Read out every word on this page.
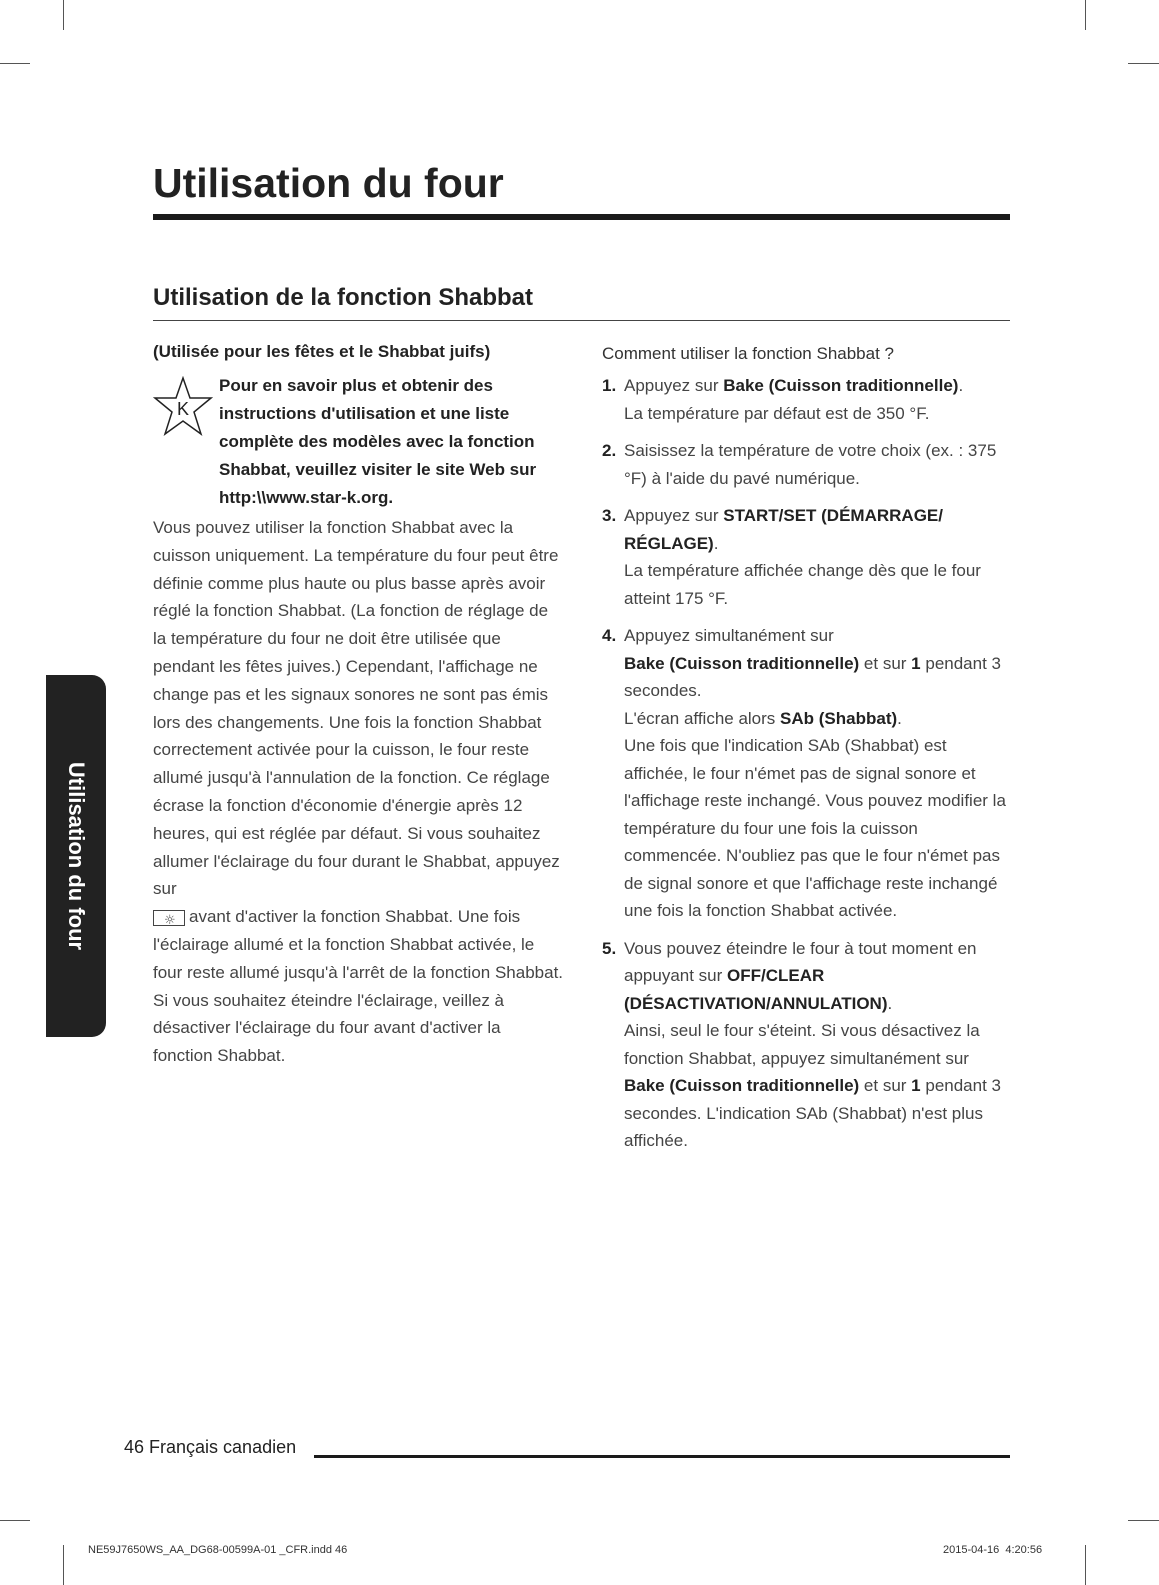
Utilisation du four
Utilisation de la fonction Shabbat
Utilisation du four

(Utilisée pour les fêtes et le Shabbat juifs)

K
Pour en savoir plus et obtenir des instructions d'utilisation et une liste complète des modèles avec la fonction Shabbat, veuillez visiter le site Web sur http:\\www.star-k.org.

Vous pouvez utiliser la fonction Shabbat avec la cuisson uniquement. La température du four peut être définie comme plus haute ou plus basse après avoir réglé la fonction Shabbat. (La fonction de réglage de la température du four ne doit être utilisée que pendant les fêtes juives.) Cependant, l'affichage ne change pas et les signaux sonores ne sont pas émis lors des changements. Une fois la fonction Shabbat correctement activée pour la cuisson, le four reste allumé jusqu'à l'annulation de la fonction. Ce réglage écrase la fonction d'économie d'énergie après 12 heures, qui est réglée par défaut. Si vous souhaitez allumer l'éclairage du four durant le Shabbat, appuyez sur
☼avant d'activer la fonction Shabbat. Une fois l'éclairage allumé et la fonction Shabbat activée, le four reste allumé jusqu'à l'arrêt de la fonction Shabbat. Si vous souhaitez éteindre l'éclairage, veillez à désactiver l'éclairage du four avant d'activer la fonction Shabbat.

Comment utiliser la fonction Shabbat ?

1. Appuyez sur Bake (Cuisson traditionnelle).
La température par défaut est de 350 °F.
2. Saisissez la température de votre choix (ex. : 375 °F) à l'aide du pavé numérique.
3. Appuyez sur START/SET (DÉMARRAGE/ RÉGLAGE).
La température affichée change dès que le four atteint 175 °F.
4. Appuyez simultanément sur
Bake (Cuisson traditionnelle) et sur 1 pendant 3 secondes.
L'écran affiche alors SAb (Shabbat).
Une fois que l'indication SAb (Shabbat) est affichée, le four n'émet pas de signal sonore et l'affichage reste inchangé. Vous pouvez modifier la température du four une fois la cuisson commencée. N'oubliez pas que le four n'émet pas de signal sonore et que l'affichage reste inchangé une fois la fonction Shabbat activée.
5. Vous pouvez éteindre le four à tout moment en appuyant sur OFF/CLEAR (DÉSACTIVATION/ANNULATION).
Ainsi, seul le four s'éteint. Si vous désactivez la fonction Shabbat, appuyez simultanément sur Bake (Cuisson traditionnelle) et sur 1 pendant 3 secondes. L'indication SAb (Shabbat) n'est plus affichée.
46 Français canadien
NE59J7650WS_AA_DG68-00599A-01 _CFR.indd 46	2015-04-16 ⁠ 4:20:56
